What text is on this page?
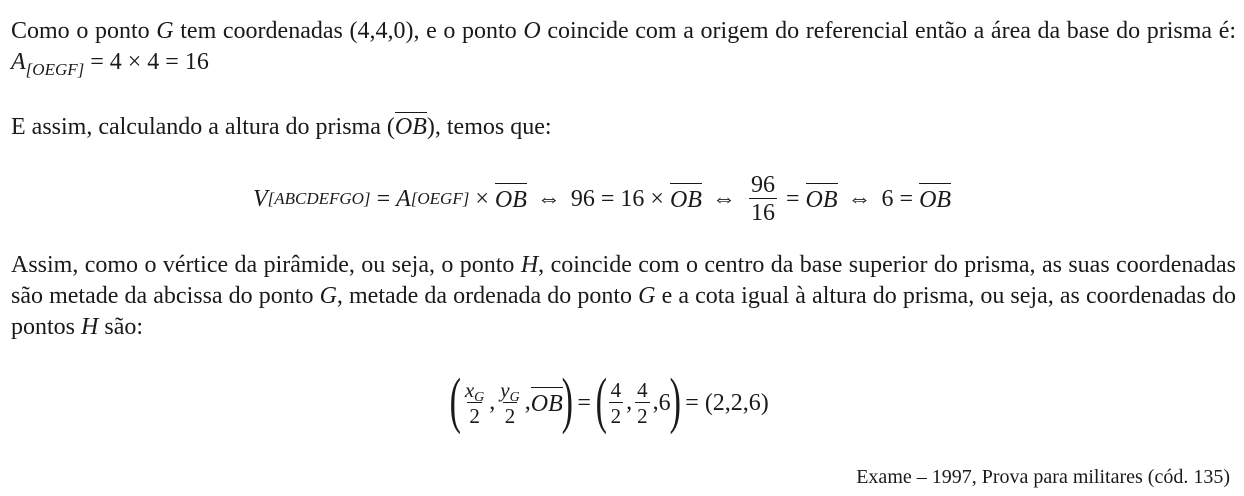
Como o ponto G tem coordenadas (4,4,0), e o ponto O coincide com a origem do referencial então a área da base do prisma é: $A_{[OEGF]} = 4 \times 4 = 16$

E assim, calculando a altura do prisma (OB), temos que:

V [ABCDEFGO] = A [OEGF] × OB ⇔ 96 = 16 × OB ⇔ $\frac{96}{16}$ = OB ⇔ 6 = OB

Assim, como o vértice da pirâmide, ou seja, o ponto H, coincide com o centro da base superior do prisma, as suas coordenadas são metade da abcissa do ponto G, metade da ordenada do ponto G e a cota igual à altura do prisma, ou seja, as coordenadas do pontos H são:

( $\frac{x_G}{2}$ , $\frac{y_G}{2}$ , OB
)
=
( $\frac{4}{2}$ , $\frac{4}{2}$ , 6
)
= (2,2,6)
Exame – 1997, Prova para militares (cód. 135)
